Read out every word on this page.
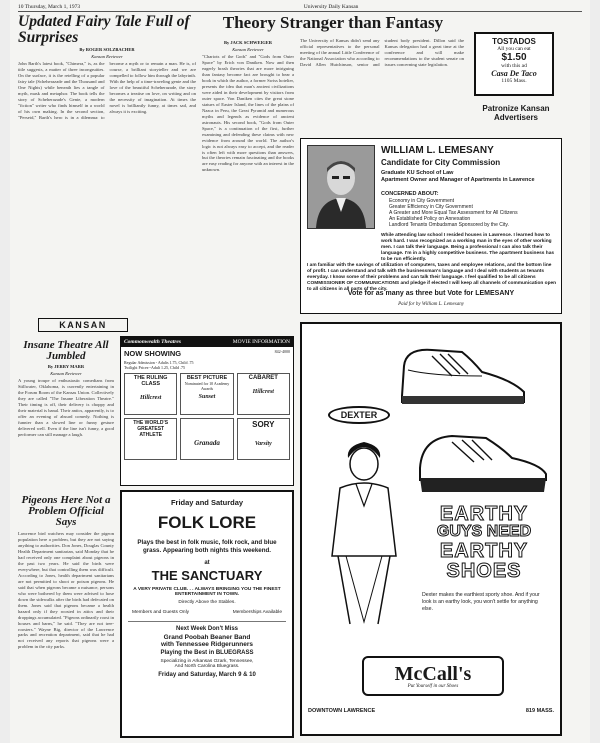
10 Thursday, March 1, 1973	University Daily Kansan
Updated Fairy Tale Full of Surprises
By ROGER SOLZBACHER
Kansan Reviewer
John Barth's latest book, "Chimera," is, as the title suggests, a matter of three incongruities. On the surface, it is the retelling of a popular fairy tale (Scheherazade and the Thousand and One Nights) while beneath lies a tangle of myth, mask and metaphor. The book tells the story of Scheherazade's Genie, a modern "fiction" writer who finds himself in a world of his own making. In the second section, "Perseid," Barth's hero is in a dilemma: to become a myth or to remain a man. He is, of course, a brilliant storyteller and we are compelled to follow him through the labyrinth. With the help of a time-traveling genie and the love of the beautiful Scheherazade, the story becomes a treatise on love, on writing and on the necessity of imagination. At times the novel is brilliantly funny, at times sad, and always it is exciting.
KANSAN
Insane Theatre All Jumbled
By JERRY MARR
Kansan Reviewer
A young troupe of enthusiastic comedians from Stillwater, Oklahoma, is currently entertaining in the Forum Room of the Kansas Union. Collectively they are called "The Insane Liberation Theatre." Their timing is off, their delivery is choppy and their material is banal. Their antics, apparently, is to offer an evening of absurd comedy. Nothing is funnier than a slowed line or funny gesture delivered well. Even if the line isn't funny, a good performer can still manage a laugh.
Pigeons Here Not a Problem Official Says
Lawrence bird watchers may consider the pigeon population here a problem, but they are not saying anything to authorities. Don Jones, Douglas County Health Department sanitarian, said Monday that he had received only one complaint about pigeons in the past two years. He said the birds were everywhere, but that controlling them was difficult. According to Jones, health department sanitarians are not permitted to shoot or poison pigeons. He said that when pigeons became a nuisance, persons who were bothered by them were advised to hose down the sidewalks after the birds had defecated on them. Jones said that pigeons became a health hazard only if they roosted in attics and their droppings accumulated. "Pigeons ordinarily roost in houses and barns," he said. "They are not tree-roosters." Wayne Big, director of the Lawrence parks and recreation department, said that he had not received any reports that pigeons were a problem in the city parks.
Theory Stranger than Fantasy
By JACK SCHWEIGER
Kansan Reviewer
"Chariots of the Gods" and "Gods from Outer Space" by Erich von Daniken. Now and then eagerly brash theories that are more intriguing than fantasy become fact are brought to bear a book in which the author, a former Swiss hotelier, presents the idea that man's ancient civilizations were aided in their development by visitors from outer space. Von Daniken cites the great stone statues of Easter Island, the lines of the plains of Nazca in Peru, the Great Pyramid and numerous myths and legends as evidence of ancient astronauts. His second book, "Gods from Outer Space," is a continuation of the first, further examining and defending these claims with new evidence from around the world. The author's logic is not always easy to accept, and the reader is often left with more questions than answers, but the theories remain fascinating and the books are easy reading for anyone with an interest in the unknown.
The University of Kansas didn't send any official representatives to the personal meeting of the annual Little Conference of the National Association who according to David Allen Hutchinson, senior and student body president. Dillon said the Kansas delegation had a great time at the conference and will make recommendations to the student senate on issues concerning state legislation.
TOSTADOS
All you can eat
$1.50
with this ad
Casa De Taco
1105 Mass.
Patronize Kansan
Advertisers
WILLIAM L. LEMESANY
Candidate for City Commission
Graduate KU School of Law
Apartment Owner and Manager of Apartments in Lawrence
CONCERNED ABOUT:
Economy in City Government
Greater Efficiency in City Government
A Greater and More Equal Tax Assessment for All Citizens
An Established Policy on Annexation
Landlord Tenants Ombudsman Sponsored by the City.
While attending law school I resided houses in Lawrence. I learned how to work hard. I was recognized as a working man in the eyes of other working men. I can talk their language. Being a professional I can also talk their language. I'm in a highly competitive business. The apartment business has to be run efficiently.
I am familiar with the savings of utilization of computers, taxes and employee relations, and the bottom line of profit. I can understand and talk with the businessman's language and I deal with students as tenants everyday. I know some of their problems and can talk their language. I feel qualified to be all citizens COMMISSIONER OF COMMUNICATIONS and pledge if elected I will keep all channels of communication open to all citizens in all parts of the city.
Vote for as many as three but Vote for LEMESANY
Paid for by William L. Lemesany
Commonwealth Theatres	MOVIE INFORMATION
NOW SHOWING	842-4000
Regular Admission - Adults 1.75, Child .75
Twilight Prices--Adult 1.25, Child .75
THE RULING CLASS
Hillcrest
BEST PICTURE
Nominated for 10 Academy Awards
Sunset
CABARET
Hillcrest
THE WORLD'S GREATEST ATHLETE
Granada
SORY
Varsity
Friday and Saturday
FOLK LORE
Plays the best in folk music, folk rock, and blue grass. Appearing both nights this weekend.
at
THE SANCTUARY
A VERY PRIVATE CLUB. . . ALWAYS BRINGING YOU THE FINEST ENTERTAINMENT IN TOWN.
Directly Above the Stables.
Members and Guests Only	Memberships Available
Next Week Don't Miss
Grand Poobah Beaner Band
with Tennessee Ridgerunners
Playing the Best in BLUEGRASS
Specializing in Arkansas Ozark, Tennessee,
And North Carolina Bluegrass.
Friday and Saturday, March 9 & 10
DEXTER
EARTHY
GUYS NEED
EARTHY
SHOES
Dexter makes the earthiest sporty shoe. And if your look is an earthy look, you won't settle for anything else.
McCall's
Put Yourself in our Shoes
DOWNTOWN LAWRENCE	819 MASS.
